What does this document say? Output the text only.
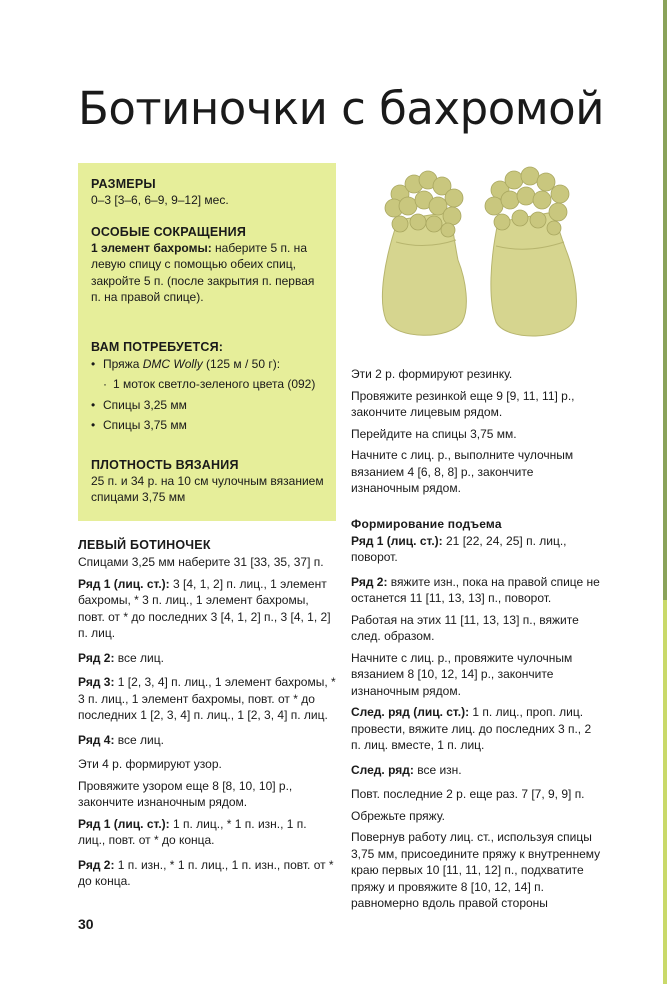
Ботиночки с бахромой
РАЗМЕРЫ

0–3 [3–6, 6–9, 9–12] мес.

ОСОБЫЕ СОКРАЩЕНИЯ

1 элемент бахромы: наберите 5 п. на левую спицу с помощью обеих спиц, закройте 5 п. (после закрытия п. первая п. на правой спице).

ВАМ ПОТРЕБУЕТСЯ:
• Пряжа DMC Wolly (125 м / 50 г):
· 1 моток светло-зеленого цвета (092)
• Спицы 3,25 мм
• Спицы 3,75 мм
ПЛОТНОСТЬ ВЯЗАНИЯ

25 п. и 34 р. на 10 см чулочным вязанием спицами 3,75 мм

ЛЕВЫЙ БОТИНОЧЕК

Спицами 3,25 мм наберите 31 [33, 35, 37] п.

Ряд 1 (лиц. ст.): 3 [4, 1, 2] п. лиц., 1 элемент бахромы, * 3 п. лиц., 1 элемент бахромы, повт. от * до последних 3 [4, 1, 2] п., 3 [4, 1, 2] п. лиц.

Ряд 2: все лиц.

Ряд 3: 1 [2, 3, 4] п. лиц., 1 элемент бахромы, * 3 п. лиц., 1 элемент бахромы, повт. от * до последних 1 [2, 3, 4] п. лиц., 1 [2, 3, 4] п. лиц.

Ряд 4: все лиц.

Эти 4 р. формируют узор.

Провяжите узором еще 8 [8, 10, 10] р., закончите изнаночным рядом.

Ряд 1 (лиц. ст.): 1 п. лиц., * 1 п. изн., 1 п. лиц., повт. от * до конца.

Ряд 2: 1 п. изн., * 1 п. лиц., 1 п. изн., повт. от * до конца.

Эти 2 р. формируют резинку.

Провяжите резинкой еще 9 [9, 11, 11] р., закончите лицевым рядом.

Перейдите на спицы 3,75 мм.

Начните с лиц. р., выполните чулочным вязанием 4 [6, 8, 8] р., закончите изнаночным рядом.

Формирование подъема

Ряд 1 (лиц. ст.): 21 [22, 24, 25] п. лиц., поворот.

Ряд 2: вяжите изн., пока на правой спице не останется 11 [11, 13, 13] п., поворот.

Работая на этих 11 [11, 13, 13] п., вяжите след. образом.

Начните с лиц. р., провяжите чулочным вязанием 8 [10, 12, 14] р., закончите изнаночным рядом.

След. ряд (лиц. ст.): 1 п. лиц., проп. лиц. провести, вяжите лиц. до последних 3 п., 2 п. лиц. вместе, 1 п. лиц.

След. ряд: все изн.

Повт. последние 2 р. еще раз. 7 [7, 9, 9] п.

Обрежьте пряжу.

Повернув работу лиц. ст., используя спицы 3,75 мм, присоедините пряжу к внутреннему краю первых 10 [11, 11, 12] п., подхватите пряжу и провяжите 8 [10, 12, 14] п. равномерно вдоль правой стороны

30
